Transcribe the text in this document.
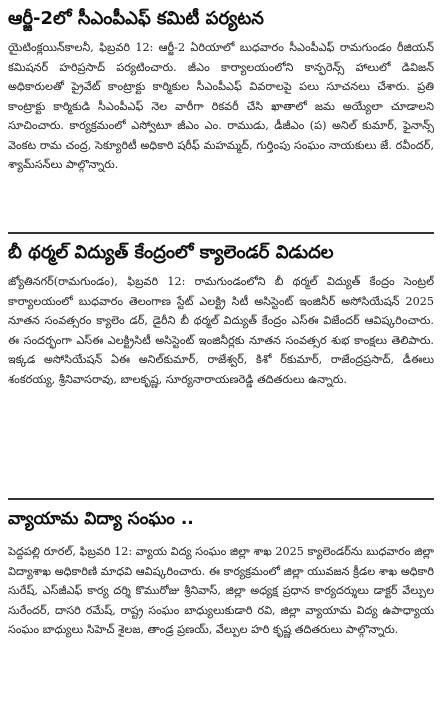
ఆర్జీ-2లో సీఎంపీఎఫ్ కమిటీ పర్యటన

యైటింక్లయిన్‌కాలనీ, ఫిబ్రవరి 12: ఆర్జీ-2 ఏరియాలో బుధవారం సీఎంపీఎఫ్ రామగుండం రీజియన్ కమిషనర్ హరిప్రసాద్ పర్యటించారు. జీఎం కార్యాలయంలోని కాన్ఫరెన్స్ హాలులో డివిజన్ అధికారులతో ప్రైవేట్ కాంట్రాక్టు కార్మికుల సీఎంపీఎఫ్ వివరాలపై పలు సూచనలు చేశారు. ప్రతి కాంట్రాక్టు కార్మికుడి సీఎంపీఎఫ్ నెల వారీగా రికవరీ చేసి ఖాతాలో జమ అయ్యేలా చూడాలని సూచించారు. కార్యక్రమంలో ఎస్వోటూ జీఎం ఎం. రాముడు, డీజీఎం (ప) అనిల్ కుమార్, ఫైనాన్స్ వెంకట రామ చంద్ర, సెక్యూరిటీ అధికారి షరీఫ్ మహమ్మద్, గుర్తింపు సంఘం నాయకులు జే. రవీందర్, శ్యామ్‌సన్‌లు పాల్గొన్నారు.

బీ థర్మల్ విద్యుత్ కేంద్రంలో క్యాలెండర్ విడుదల

జ్యోతినగర్(రామగుండం), ఫిబ్రవరి 12: రామగుండంలోని బీ థర్మల్ విద్యుత్ కేంద్రం సెంట్రల్ కార్యాలయంలో బుధవారం తెలంగాణ స్టేట్ ఎలక్ట్రి సిటీ అసిస్టెంట్ ఇంజినీర్ అసోసియేషన్ 2025 నూతన సంవత్సరం క్యాలెం డర్, డైరీని బీ థర్మల్ విద్యుత్ కేంద్రం ఎస్ఈ విజేందర్ ఆవిష్కరించారు. ఈ సందర్భంగా ఎస్ఈ ఎలక్ట్రిసిటీ అసిస్టెంట్ ఇంజినీర్లకు నూతన సంవత్సర శుభ కాంక్షలు తెలిపారు. ఇక్కడ అసోసియేషన్ ఏఈ అనిల్‌కుమార్, రాజేశ్వర్, కిశో ర్‌కుమార్, రాజేంద్రప్రసాద్, డీఈలు శంకరయ్య, శ్రీనివాసరావు, బాలకృష్ణ, సూర్యనారాయణరెడ్డి తదితరులు ఉన్నారు.

వ్యాయామ విద్యా సంఘం ..

పెద్దపల్లి రూరల్, ఫిబ్రవరి 12: వ్యాయ విద్య సంఘం జిల్లా శాఖ 2025 క్యాలెండర్‌ను బుధవారం జిల్లా విద్యాశాఖ అధికారిణి మాధవి ఆవిష్కరించారు. ఈ కార్యక్రమంలో జిల్లా యువజన క్రీడల శాఖ అధికారి సురేష్, ఎస్‌జీఎఫ్ కార్య దర్శి కొమురోజు శ్రీనివాస్, జిల్లా అధ్యక్ష ప్రధాన కార్యదర్శులు డాక్టర్ వేల్పుల సురేందర్, దాసరి రమేష్, రాష్ట్ర సంఘం బాధ్యులుకుడారి రవి, జిల్లా వ్యాయామ విద్య ఉపాధ్యాయ సంఘం బాధ్యులు సిహెచ్ శైలజ, తాండ్ర ప్రణయ్, వేల్పుల హరి కృష్ణ తదితరులు పాల్గొన్నారు.
